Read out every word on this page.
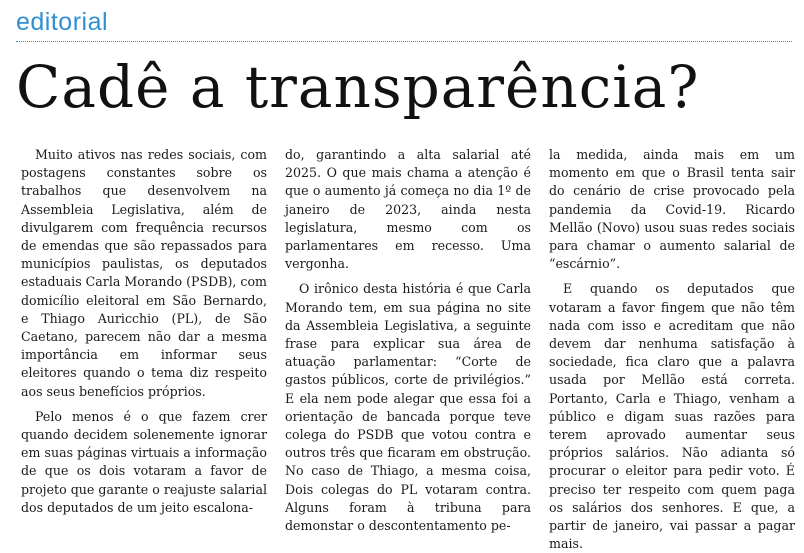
editorial
Cadê a transparência?

Muito ativos nas redes sociais, com postagens constantes sobre os trabalhos que desenvolvem na Assembleia Legislativa, além de divulgarem com frequência recursos de emendas que são repassados para municípios paulistas, os deputados estaduais Carla Morando (PSDB), com domicílio eleitoral em São Bernardo, e Thiago Auricchio (PL), de São Caetano, parecem não dar a mesma importância em informar seus eleitores quando o tema diz respeito aos seus benefícios próprios.

Pelo menos é o que fazem crer quando decidem solenemente ignorar em suas páginas virtuais a informação de que os dois votaram a favor de projeto que garante o reajuste salarial dos deputados de um jeito escalona-

do, garantindo a alta salarial até 2025. O que mais chama a atenção é que o aumento já começa no dia 1º de janeiro de 2023, ainda nesta legislatura, mesmo com os parlamentares em recesso. Uma vergonha.

O irônico desta história é que Carla Morando tem, em sua página no site da Assembleia Legislativa, a seguinte frase para explicar sua área de atuação parlamentar: “Corte de gastos públicos, corte de privilégios.” E ela nem pode alegar que essa foi a orientação de bancada porque teve colega do PSDB que votou contra e outros três que ficaram em obstrução. No caso de Thiago, a mesma coisa, Dois colegas do PL votaram contra. Alguns foram à tribuna para demonstar o descontentamento pe-

la medida, ainda mais em um momento em que o Brasil tenta sair do cenário de crise provocado pela pandemia da Covid-19. Ricardo Mellão (Novo) usou suas redes sociais para chamar o aumento salarial de “escárnio”.

E quando os deputados que votaram a favor fingem que não têm nada com isso e acreditam que não devem dar nenhuma satisfação à sociedade, fica claro que a palavra usada por Mellão está correta. Portanto, Carla e Thiago, venham a público e digam suas razões para terem aprovado aumentar seus próprios salários. Não adianta só procurar o eleitor para pedir voto. É preciso ter respeito com quem paga os salários dos senhores. E que, a partir de janeiro, vai passar a pagar mais.
